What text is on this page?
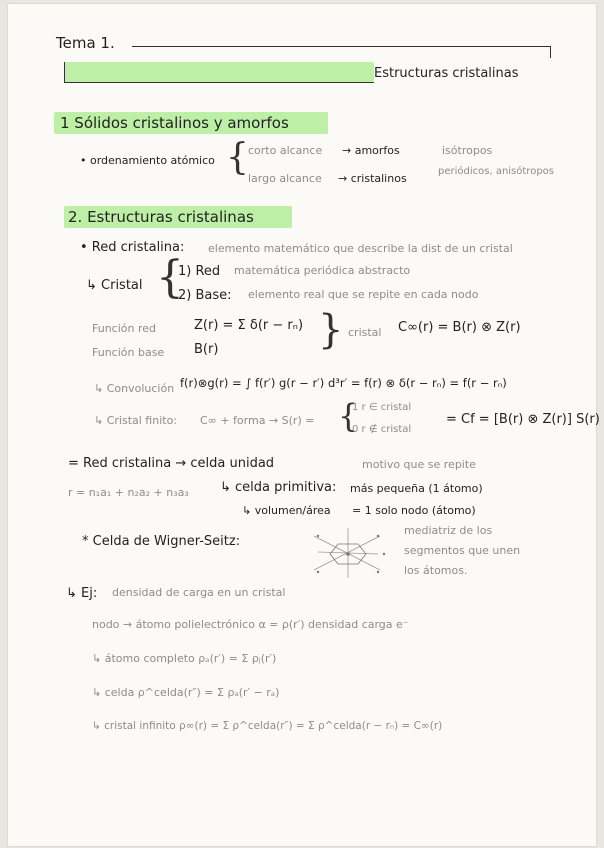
Tema 1.
Estructuras cristalinas
1 Sólidos cristalinos y amorfos
• ordenamiento atómico { corto alcance → amorfos	isótropos
largo alcance → cristalinos
periódicos, anisótropos
2. Estructuras cristalinas
• Red cristalina: elemento matemático que describe la dist de un cristal
↳ Cristal {
1) Red matemática periódica abstracto
2) Base: elemento real que se repite en cada nodo
Función red	Z(r) = Σ δ(r − rₙ)
Función base B(r) } cristal C∞(r) = B(r) ⊗ Z(r)
↳ Convolución f(r)⊗g(r) = ∫ f(r′) g(r − r′) d³r′ = f(r) ⊗ δ(r − rₙ) = f(r − rₙ)
↳ Cristal finito: C∞ + forma → S(r) = {
1 r ∈ cristal
0 r ∉ cristal
= Cf = [B(r) ⊗ Z(r)] S(r)
= Red cristalina → celda unidad	motivo que se repite
r = n₁a₁ + n₂a₂ + n₃a₃ ↳ celda primitiva: más pequeña (1 átomo)
↳ volumen/área = 1 solo nodo (átomo)
* Celda de Wigner-Seitz:
mediatriz de los
segmentos que unen
los átomos.
↳ Ej: densidad de carga en un cristal
nodo → átomo polielectrónico α = ρ(r′) densidad carga e⁻
↳ átomo completo ρₐ(r′) = Σ ρⱼ(r′)
↳ celda ρ^celda(r″) = Σ ρₐ(r′ − rₐ)
↳ cristal infinito ρ∞(r) = Σ ρ^celda(r″) = Σ ρ^celda(r − rₙ) = C∞(r)
